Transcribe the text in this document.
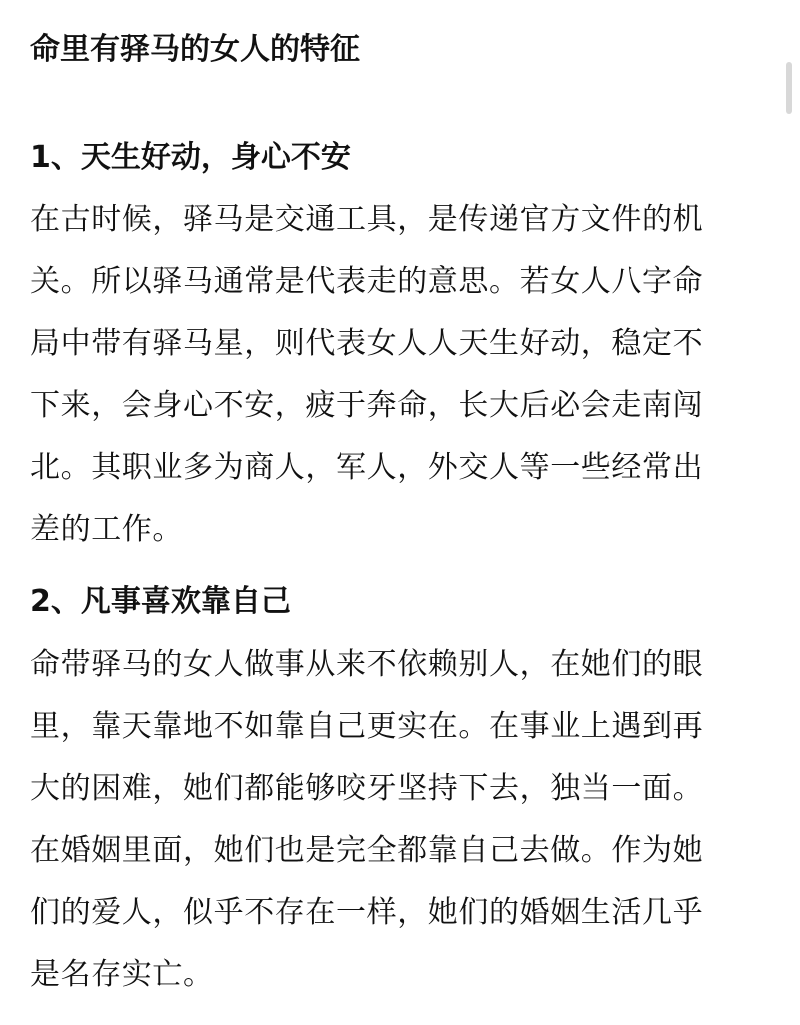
命里有驿马的女人的特征
1、天生好动，身心不安
在古时候，驿马是交通工具，是传递官方文件的机
关。所以驿马通常是代表走的意思。若女人八字命
局中带有驿马星，则代表女人人天生好动，稳定不
下来，会身心不安，疲于奔命，长大后必会走南闯
北。其职业多为商人，军人，外交人等一些经常出
差的工作。
2、凡事喜欢靠自己
命带驿马的女人做事从来不依赖别人，在她们的眼
里，靠天靠地不如靠自己更实在。在事业上遇到再
大的困难，她们都能够咬牙坚持下去，独当一面。
在婚姻里面，她们也是完全都靠自己去做。作为她
们的爱人，似乎不存在一样，她们的婚姻生活几乎
是名存实亡。
